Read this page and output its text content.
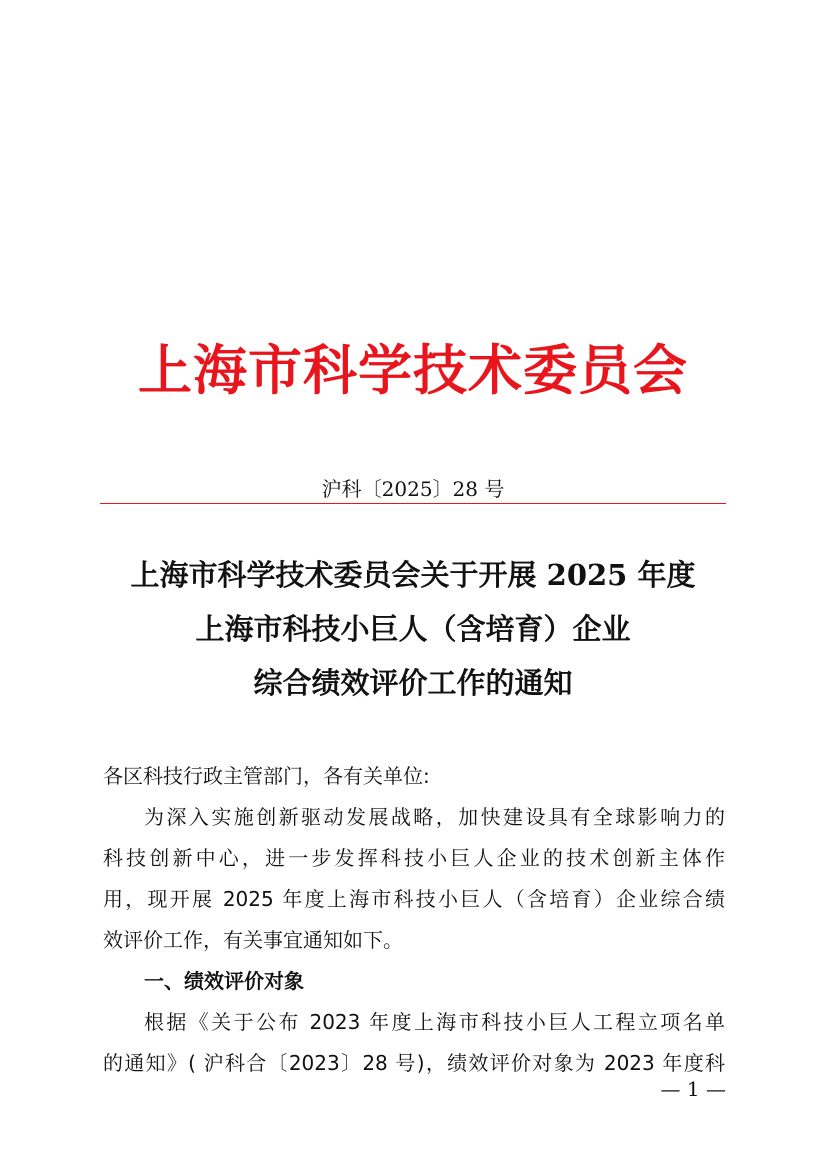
上海市科学技术委员会
沪科〔2025〕28 号
上海市科学技术委员会关于开展 2025 年度
上海市科技小巨人（含培育）企业
综合绩效评价工作的通知
各区科技行政主管部门，各有关单位:
为深入实施创新驱动发展战略，加快建设具有全球影响力的
科技创新中心，进一步发挥科技小巨人企业的技术创新主体作
用，现开展 2025 年度上海市科技小巨人（含培育）企业综合绩
效评价工作，有关事宜通知如下。
一、绩效评价对象
根据《关于公布 2023 年度上海市科技小巨人工程立项名单
的通知》( 沪科合〔2023〕28 号)，绩效评价对象为 2023 年度科
— 1 —
